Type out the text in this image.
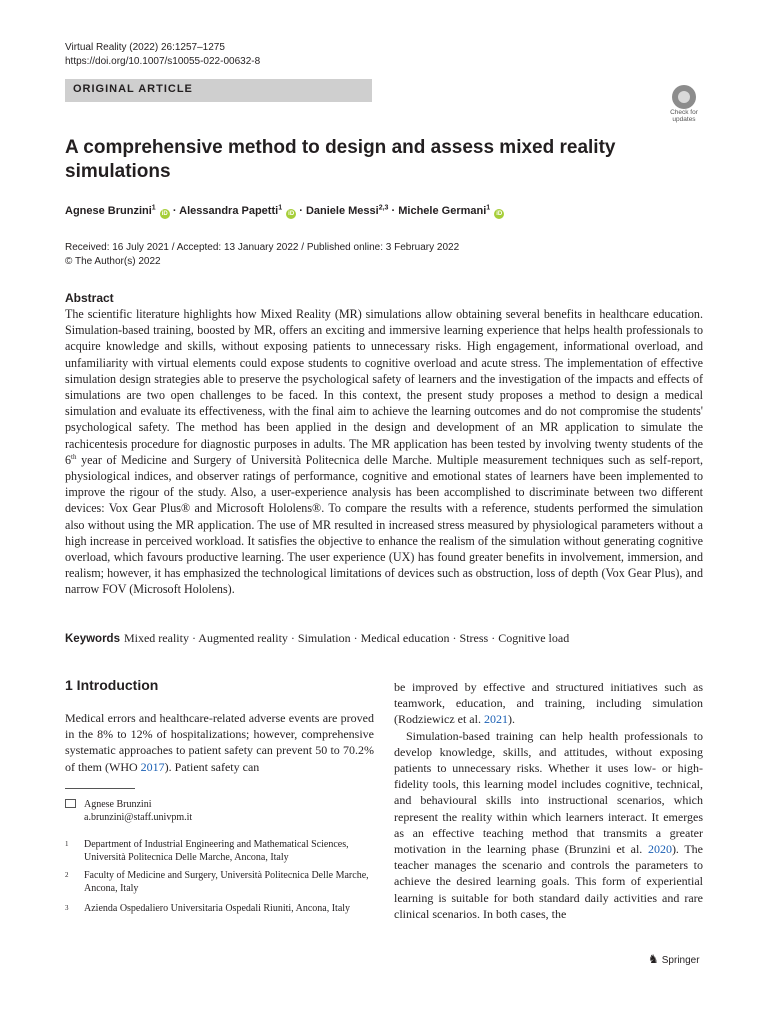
Virtual Reality (2022) 26:1257–1275
https://doi.org/10.1007/s10055-022-00632-8
ORIGINAL ARTICLE
Check for updates
A comprehensive method to design and assess mixed reality simulations
Agnese Brunzini$^1$ iD · Alessandra Papetti$^1$ iD · Daniele Messi$^{2,3}$ · Michele Germani$^1$ iD
Received: 16 July 2021 / Accepted: 13 January 2022 / Published online: 3 February 2022
© The Author(s) 2022
Abstract
The scientific literature highlights how Mixed Reality (MR) simulations allow obtaining several benefits in healthcare education. Simulation-based training, boosted by MR, offers an exciting and immersive learning experience that helps health professionals to acquire knowledge and skills, without exposing patients to unnecessary risks. High engagement, informational overload, and unfamiliarity with virtual elements could expose students to cognitive overload and acute stress. The implementation of effective simulation design strategies able to preserve the psychological safety of learners and the investigation of the impacts and effects of simulations are two open challenges to be faced. In this context, the present study proposes a method to design a medical simulation and evaluate its effectiveness, with the final aim to achieve the learning outcomes and do not compromise the students' psychological safety. The method has been applied in the design and development of an MR application to simulate the rachicentesis procedure for diagnostic purposes in adults. The MR application has been tested by involving twenty students of the 6th year of Medicine and Surgery of Università Politecnica delle Marche. Multiple measurement techniques such as self-report, physiological indices, and observer ratings of performance, cognitive and emotional states of learners have been implemented to improve the rigour of the study. Also, a user-experience analysis has been accomplished to discriminate between two different devices: Vox Gear Plus® and Microsoft Hololens®. To compare the results with a reference, students performed the simulation also without using the MR application. The use of MR resulted in increased stress measured by physiological parameters without a high increase in perceived workload. It satisfies the objective to enhance the realism of the simulation without generating cognitive overload, which favours productive learning. The user experience (UX) has found greater benefits in involvement, immersion, and realism; however, it has emphasized the technological limitations of devices such as obstruction, loss of depth (Vox Gear Plus), and narrow FOV (Microsoft Hololens).
Keywords Mixed reality · Augmented reality · Simulation · Medical education · Stress · Cognitive load
1 Introduction
Medical errors and healthcare-related adverse events are proved in the 8% to 12% of hospitalizations; however, comprehensive systematic approaches to patient safety can prevent 50 to 70.2% of them (WHO 2017). Patient safety can

be improved by effective and structured initiatives such as teamwork, education, and training, including simulation (Rodziewicz et al. 2021).

Simulation-based training can help health professionals to develop knowledge, skills, and attitudes, without exposing patients to unnecessary risks. Whether it uses low- or high-fidelity tools, this learning model includes cognitive, technical, and behavioural skills into instructional scenarios, which represent the reality within which learners interact. It emerges as an effective teaching method that transmits a greater motivation in the learning phase (Brunzini et al. 2020). The teacher manages the scenario and controls the parameters to achieve the desired learning goals. This form of experiential learning is suitable for both standard daily activities and rare clinical scenarios. In both cases, the

Agnese Brunzini
a.brunzini@staff.univpm.it
1 Department of Industrial Engineering and Mathematical Sciences, Università Politecnica Delle Marche, Ancona, Italy
2 Faculty of Medicine and Surgery, Università Politecnica Delle Marche, Ancona, Italy
3 Azienda Ospedaliero Universitaria Ospedali Riuniti, Ancona, Italy
♞ Springer
